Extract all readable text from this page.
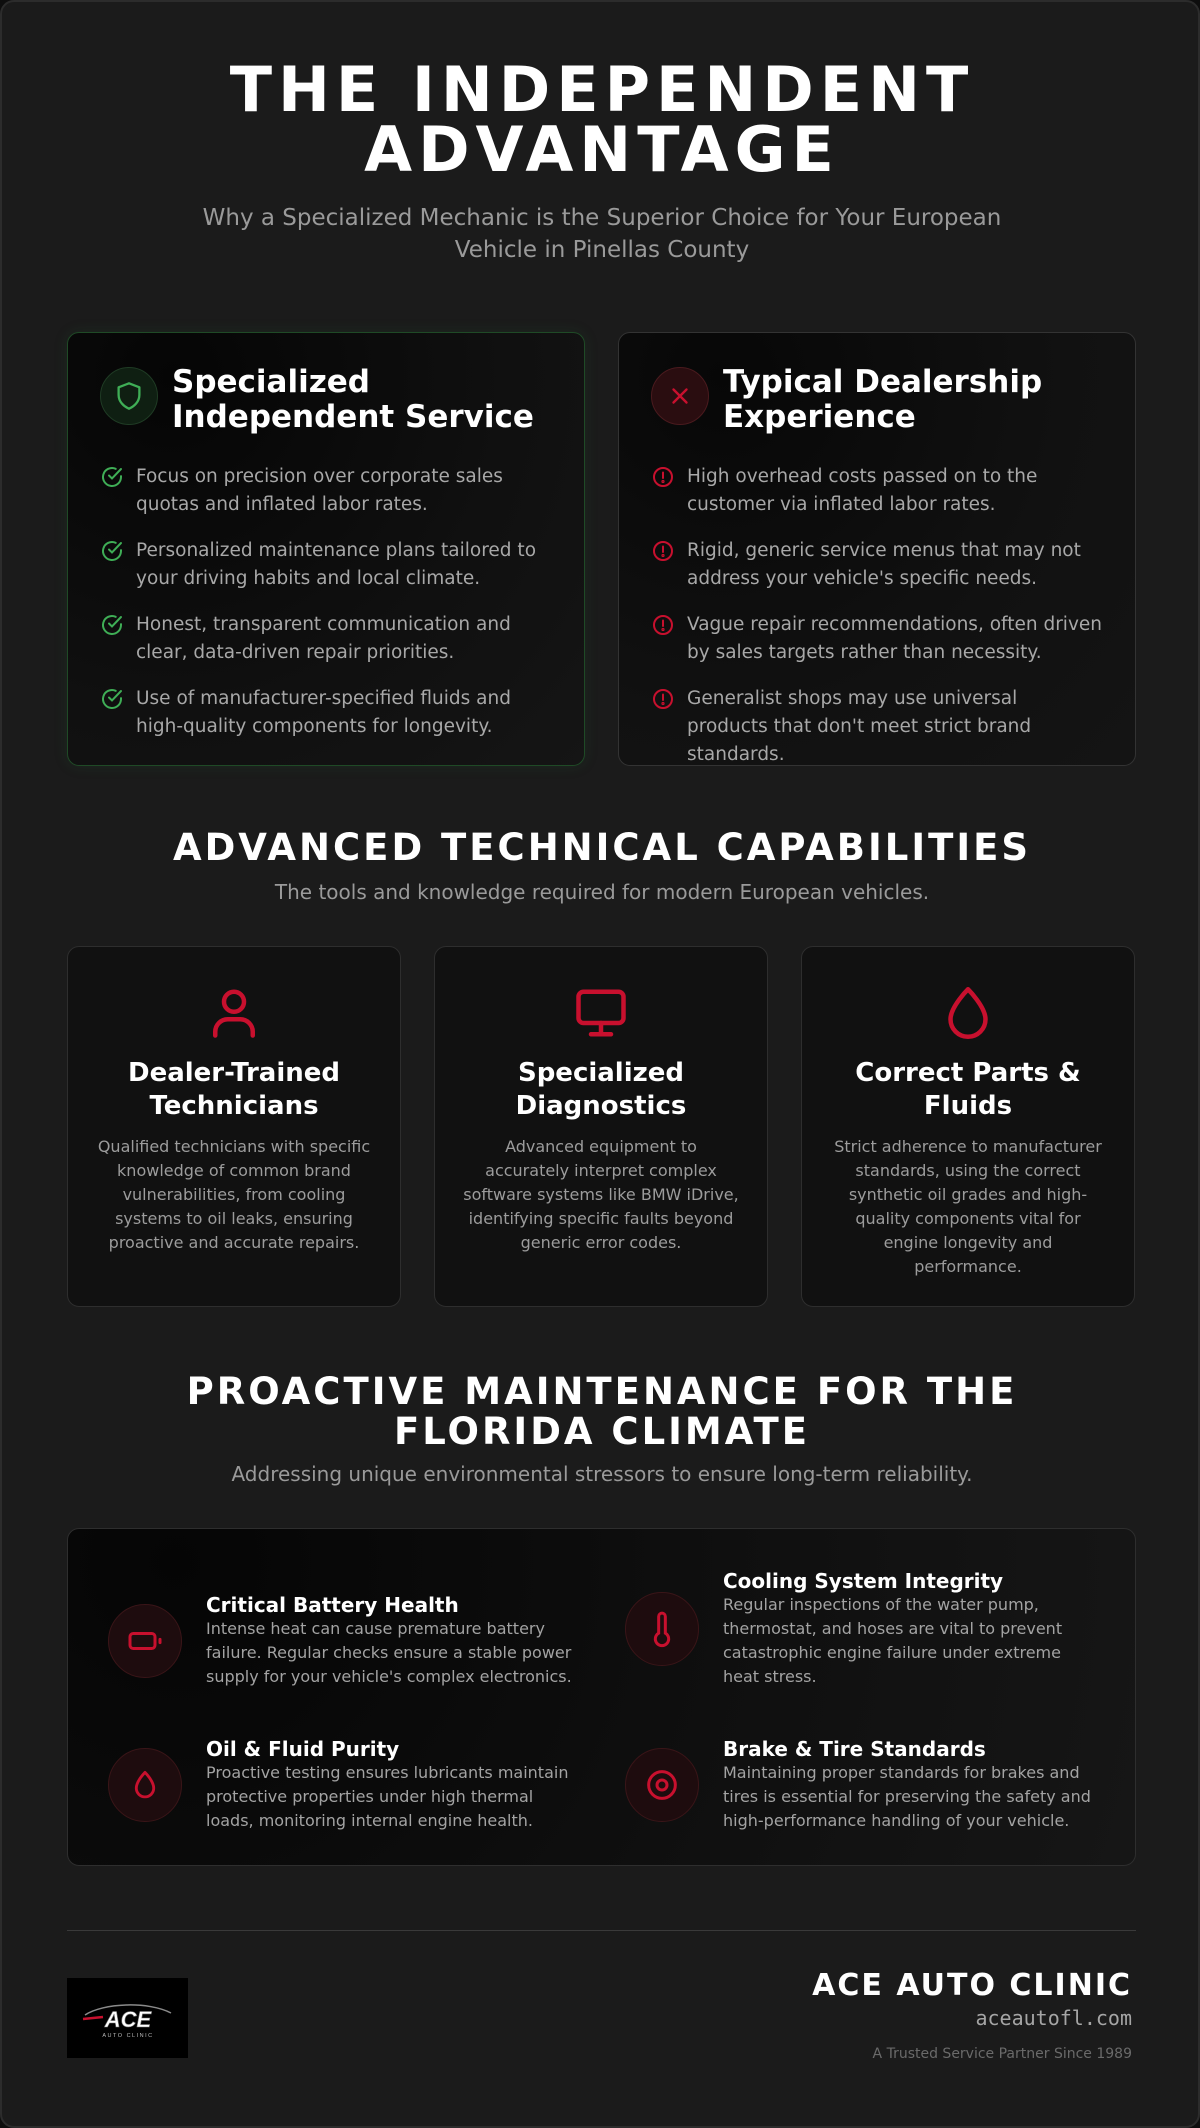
THE INDEPENDENT
ADVANTAGE

Why a Specialized Mechanic is the Superior Choice for Your European Vehicle in Pinellas County

Specialized Independent Service
Focus on precision over corporate sales quotas and inflated labor rates.
Personalized maintenance plans tailored to your driving habits and local climate.
Honest, transparent communication and clear, data-driven repair priorities.
Use of manufacturer-specified fluids and high-quality components for longevity.
Typical Dealership Experience
High overhead costs passed on to the customer via inflated labor rates.
Rigid, generic service menus that may not address your vehicle's specific needs.
Vague repair recommendations, often driven by sales targets rather than necessity.
Generalist shops may use universal products that don't meet strict brand standards.
ADVANCED TECHNICAL CAPABILITIES
The tools and knowledge required for modern European vehicles.
Dealer-Trained Technicians

Qualified technicians with specific knowledge of common brand vulnerabilities, from cooling systems to oil leaks, ensuring proactive and accurate repairs.

Specialized Diagnostics

Advanced equipment to accurately interpret complex software systems like BMW iDrive, identifying specific faults beyond generic error codes.

Correct Parts & Fluids

Strict adherence to manufacturer standards, using the correct synthetic oil grades and high-quality components vital for engine longevity and performance.

PROACTIVE MAINTENANCE FOR THE FLORIDA CLIMATE
Addressing unique environmental stressors to ensure long-term reliability.
Critical Battery Health

Intense heat can cause premature battery failure. Regular checks ensure a stable power supply for your vehicle's complex electronics.

Cooling System Integrity

Regular inspections of the water pump, thermostat, and hoses are vital to prevent catastrophic engine failure under extreme heat stress.

Oil & Fluid Purity

Proactive testing ensures lubricants maintain protective properties under high thermal loads, monitoring internal engine health.

Brake & Tire Standards

Maintaining proper standards for brakes and tires is essential for preserving the safety and high-performance handling of your vehicle.

ACE
AUTO CLINIC
ACE AUTO CLINIC
aceautofl.com
A Trusted Service Partner Since 1989
